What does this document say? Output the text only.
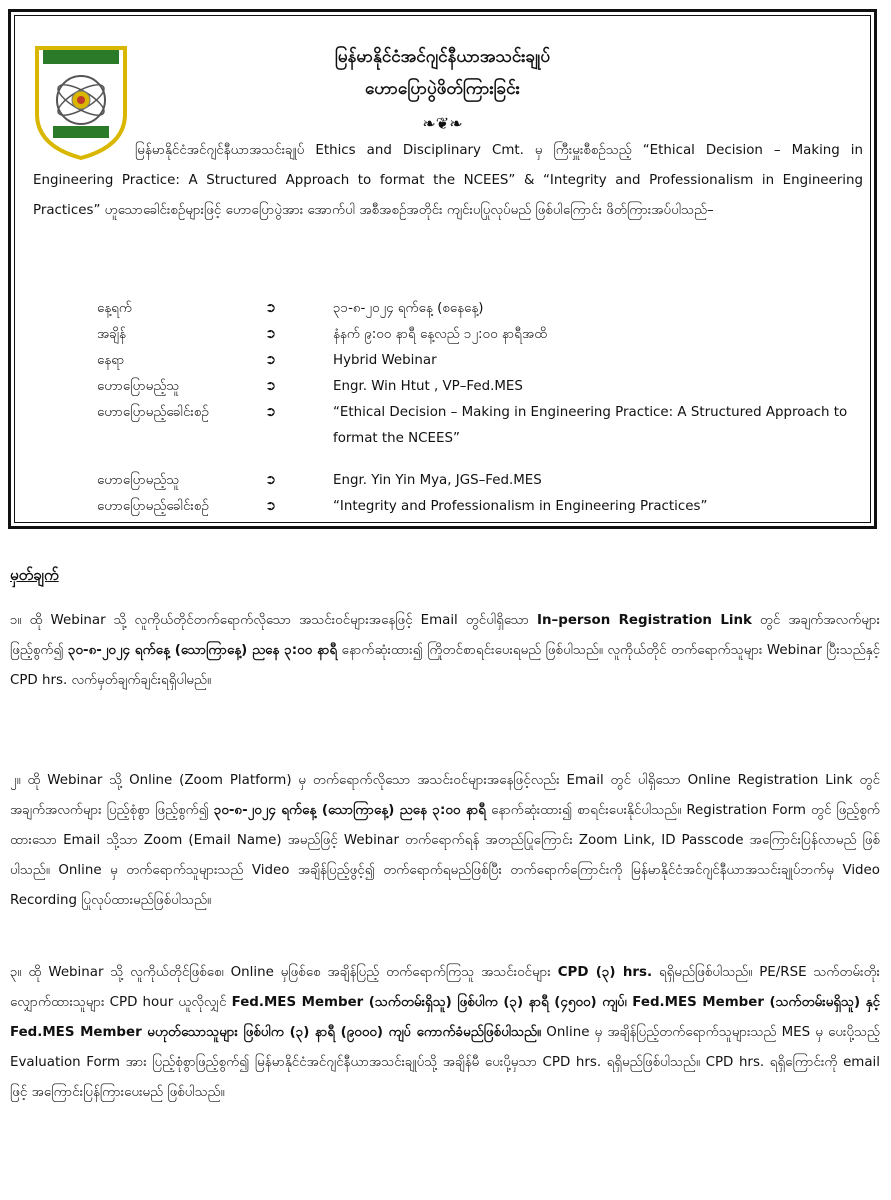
မြန်မာနိုင်ငံအင်ဂျင်နီယာအသင်းချုပ်
ဟောပြောပွဲဖိတ်ကြားခြင်း
❧❦❧
မြန်မာနိုင်ငံအင်ဂျင်နီယာအသင်းချုပ် Ethics and Disciplinary Cmt. မှ ကြီးမှူးစီစဉ်သည့် “Ethical Decision – Making in Engineering Practice: A Structured Approach to format the NCEES” & “Integrity and Professionalism in Engineering Practices” ဟူသောခေါင်းစဉ်များဖြင့် ဟောပြောပွဲအား အောက်ပါ အစီအစဉ်အတိုင်း ကျင်းပပြုလုပ်မည် ဖြစ်ပါကြောင်း ဖိတ်ကြားအပ်ပါသည်–
နေ့ရက်	➲	၃၁-၈-၂၀၂၄ ရက်နေ့ (စနေနေ့)
အချိန်	➲	နံနက် ၉:၀၀ နာရီ နေ့လည် ၁၂:၀၀ နာရီအထိ
နေရာ	➲	Hybrid Webinar
ဟောပြောမည့်သူ	➲	Engr. Win Htut , VP–Fed.MES
ဟောပြောမည့်ခေါင်းစဉ်	➲	“Ethical Decision – Making in Engineering Practice: A Structured Approach to format the NCEES”

ဟောပြောမည့်သူ	➲	Engr. Yin Yin Mya, JGS–Fed.MES
ဟောပြောမည့်ခေါင်းစဉ်	➲	“Integrity and Professionalism in Engineering Practices”
မှတ်ချက်
၁။ ထို Webinar သို့ လူကိုယ်တိုင်တက်ရောက်လိုသော အသင်းဝင်များအနေဖြင့် Email တွင်ပါရှိသော In–person Registration Link တွင် အချက်အလက်များ ဖြည့်စွက်၍ ၃၀-၈-၂၀၂၄ ရက်နေ့ (သောကြာနေ့) ညနေ ၃:၀၀ နာရီ နောက်ဆုံးထား၍ ကြိုတင်စာရင်းပေးရမည် ဖြစ်ပါသည်။ လူကိုယ်တိုင် တက်ရောက်သူများ Webinar ပြီးသည်နှင့် CPD hrs. လက်မှတ်ချက်ချင်းရရှိပါမည်။
၂။ ထို Webinar သို့ Online (Zoom Platform) မှ တက်ရောက်လိုသော အသင်းဝင်များအနေဖြင့်လည်း Email တွင် ပါရှိသော Online Registration Link တွင် အချက်အလက်များ ပြည့်စုံစွာ ဖြည့်စွက်၍ ၃၀-၈-၂၀၂၄ ရက်နေ့ (သောကြာနေ့) ညနေ ၃:၀၀ နာရီ နောက်ဆုံးထား၍ စာရင်းပေးနိုင်ပါသည်။ Registration Form တွင် ဖြည့်စွက်ထားသော Email သို့သာ Zoom (Email Name) အမည်ဖြင့် Webinar တက်ရောက်ရန် အတည်ပြုကြောင်း Zoom Link, ID Passcode အကြောင်းပြန်လာမည် ဖြစ်ပါသည်။ Online မှ တက်ရောက်သူများသည် Video အချိန်ပြည့်ဖွင့်၍ တက်ရောက်ရမည်ဖြစ်ပြီး တက်ရောက်ကြောင်းကို မြန်မာနိုင်ငံအင်ဂျင်နီယာအသင်းချုပ်ဘက်မှ Video Recording ပြုလုပ်ထားမည်ဖြစ်ပါသည်။
၃။ ထို Webinar သို့ လူကိုယ်တိုင်ဖြစ်စေ၊ Online မှဖြစ်စေ အချိန်ပြည့် တက်ရောက်ကြသူ အသင်းဝင်များ CPD (၃) hrs. ရရှိမည်ဖြစ်ပါသည်။ PE/RSE သက်တမ်းတိုးလျှောက်ထားသူများ CPD hour ယူလိုလျှင် Fed.MES Member (သက်တမ်းရှိသူ) ဖြစ်ပါက (၃) နာရီ (၄၅၀၀) ကျပ်၊ Fed.MES Member (သက်တမ်းမရှိသူ) နှင့် Fed.MES Member မဟုတ်သောသူများ ဖြစ်ပါက (၃) နာရီ (၉၀၀၀) ကျပ် ကောက်ခံမည်ဖြစ်ပါသည်။ Online မှ အချိန်ပြည့်တက်ရောက်သူများသည် MES မှ ပေးပို့သည့် Evaluation Form အား ပြည့်စုံစွာဖြည့်စွက်၍ မြန်မာနိုင်ငံအင်ဂျင်နီယာအသင်းချုပ်သို့ အချိန်မီ ပေးပို့မှသာ CPD hrs. ရရှိမည်ဖြစ်ပါသည်။ CPD hrs. ရရှိကြောင်းကို email ဖြင့် အကြောင်းပြန်ကြားပေးမည် ဖြစ်ပါသည်။
